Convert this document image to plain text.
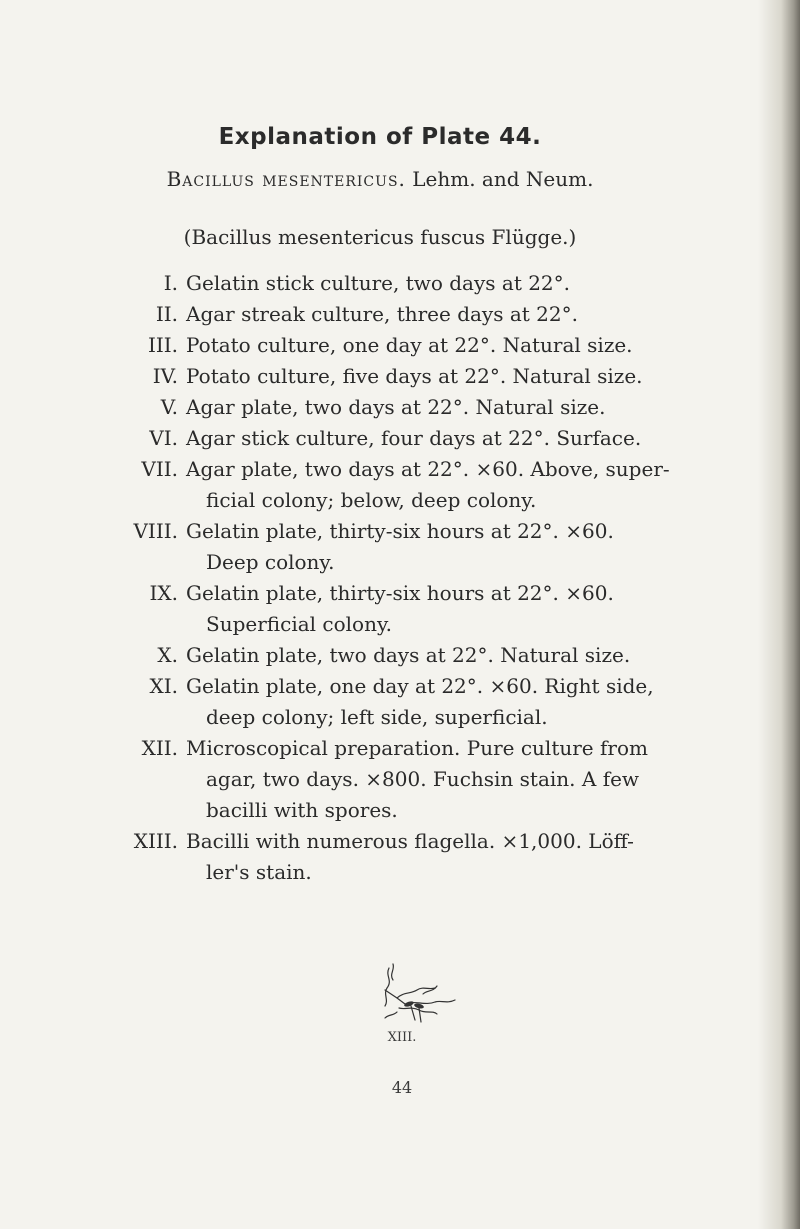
Explanation of Plate 44.
Bacillus mesentericus. Lehm. and Neum.
(Bacillus mesentericus fuscus Flügge.)
I. Gelatin stick culture, two days at 22°.
II. Agar streak culture, three days at 22°.
III. Potato culture, one day at 22°. Natural size.
IV. Potato culture, five days at 22°. Natural size.
V. Agar plate, two days at 22°. Natural size.
VI. Agar stick culture, four days at 22°. Surface.
VII. Agar plate, two days at 22°. ×60. Above, super-
ficial colony; below, deep colony.
VIII. Gelatin plate, thirty-six hours at 22°. ×60.
Deep colony.
IX. Gelatin plate, thirty-six hours at 22°. ×60.
Superficial colony.
X. Gelatin plate, two days at 22°. Natural size.
XI. Gelatin plate, one day at 22°. ×60. Right side,
deep colony; left side, superficial.
XII. Microscopical preparation. Pure culture from
agar, two days. ×800. Fuchsin stain. A few
bacilli with spores.
XIII. Bacilli with numerous flagella. ×1,000. Löff-
ler's stain.
XIII.
44
